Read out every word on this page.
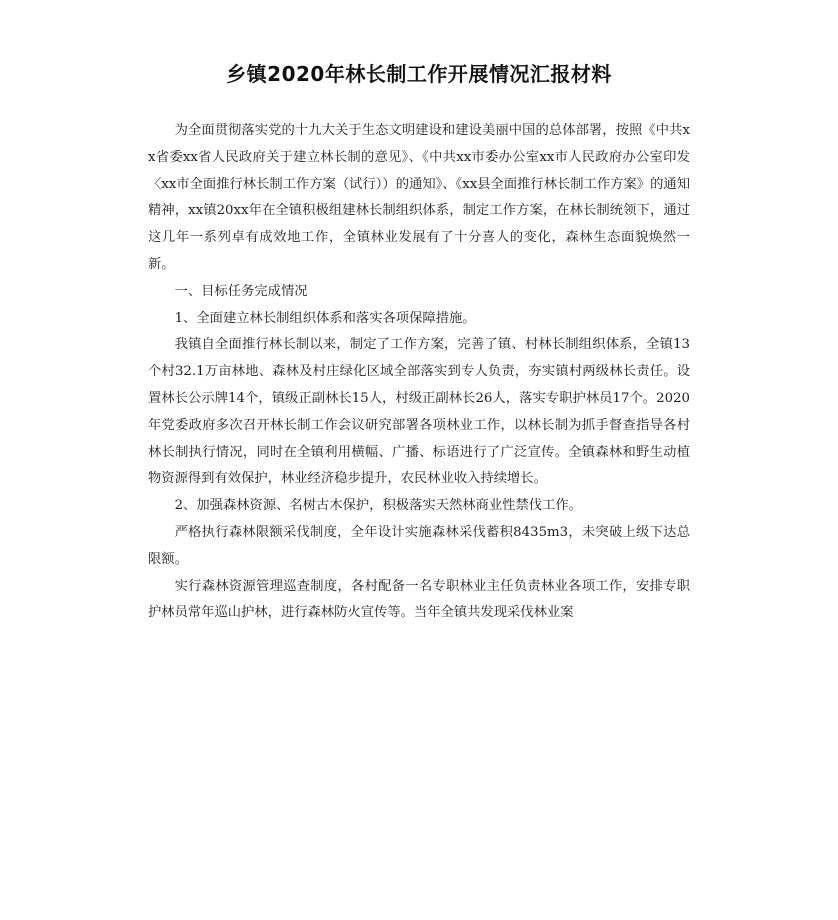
乡镇2020年林长制工作开展情况汇报材料

为全面贯彻落实党的十九大关于生态文明建设和建设美丽中国的总体部署，按照《中共xx省委xx省人民政府关于建立林长制的意见》、《中共xx市委办公室xx市人民政府办公室印发〈xx市全面推行林长制工作方案（试行））的通知》、《xx县全面推行林长制工作方案》的通知精神，xx镇20xx年在全镇积极组建林长制组织体系，制定工作方案，在林长制统领下，通过这几年一系列卓有成效地工作，全镇林业发展有了十分喜人的变化，森林生态面貌焕然一新。

一、目标任务完成情况

1、全面建立林长制组织体系和落实各项保障措施。

我镇自全面推行林长制以来，制定了工作方案，完善了镇、村林长制组织体系，全镇13个村32.1万亩林地、森林及村庄绿化区域全部落实到专人负责，夯实镇村两级林长责任。设置林长公示牌14个，镇级正副林长15人，村级正副林长26人，落实专职护林员17个。2020年党委政府多次召开林长制工作会议研究部署各项林业工作，以林长制为抓手督查指导各村林长制执行情况，同时在全镇利用横幅、广播、标语进行了广泛宣传。全镇森林和野生动植物资源得到有效保护，林业经济稳步提升，农民林业收入持续增长。

2、加强森林资源、名树古木保护，积极落实天然林商业性禁伐工作。

严格执行森林限额采伐制度，全年设计实施森林采伐蓄积8435m3，未突破上级下达总限额。

实行森林资源管理巡查制度，各村配备一名专职林业主任负责林业各项工作，安排专职护林员常年巡山护林，进行森林防火宣传等。当年全镇共发现采伐林业案
